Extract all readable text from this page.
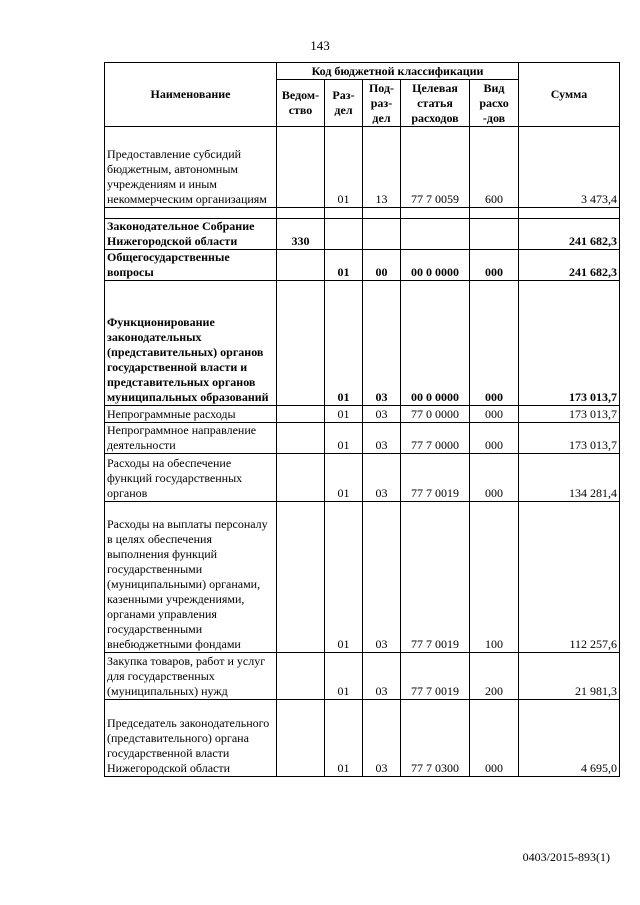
143
Наименование	Код бюджетной классификации					Сумма
	Ведом-ство	Раз-дел	Под-раз-дел	Целевая статья расходов	Вид расхо -дов	
Предоставление субсидий бюджетным, автономным учреждениям и иным некоммерческим организациям		01	13	77 7 0059	600	3 473,4

Законодательное Собрание Нижегородской области	330					241 682,3
Общегосударственные вопросы		01	00	00 0 0000	000	241 682,3
Функционирование законодательных (представительных) органов государственной власти и представительных органов муниципальных образований		01	03	00 0 0000	000	173 013,7
Непрограммные расходы		01	03	77 0 0000	000	173 013,7
Непрограммное направление деятельности		01	03	77 7 0000	000	173 013,7
Расходы на обеспечение функций государственных органов		01	03	77 7 0019	000	134 281,4
Расходы на выплаты персоналу в целях обеспечения выполнения функций государственными (муниципальными) органами, казенными учреждениями, органами управления государственными внебюджетными фондами		01	03	77 7 0019	100	112 257,6
Закупка товаров, работ и услуг для государственных (муниципальных) нужд		01	03	77 7 0019	200	21 981,3
Председатель законодательного (представительного) органа государственной власти Нижегородской области		01	03	77 7 0300	000	4 695,0
0403/2015-893(1)
